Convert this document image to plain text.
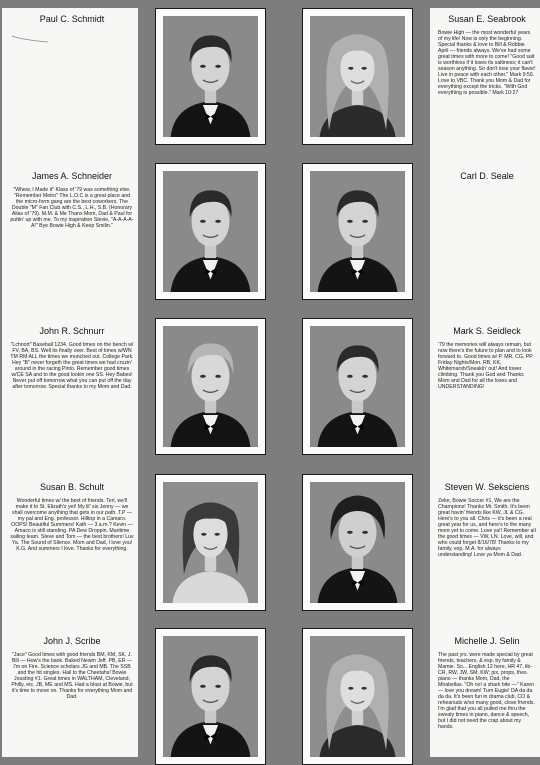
Paul C. Schmidt
James A. Schneider
"Whew, I Made it" Klass of '79 was something else. "Remember Metro" The L.O.C is a great place and the micro-form gang are the best coworkers. The Double "M" Fan Club with C.S., L.H., S.B. (Honorary Alias of '79). M.M. & Me Thanx Mom, Dad & Paul for puttin' up with me. To my inspiration Stevie, "A-A-A-A-A!" Bye Bowie High & Keep Smilin."
John R. Schnurr
"Lchnort" Baseball 1234. Good times on the bench w/ FV, BA, BS. Well its finally over. Best of times w/WN TM RM ALL the times we munched out. College Park. Hey "B" never forgeth the great times we had cruzin' around in the racing Pinto. Remember good times w/CE SA and to the good lookin one SS. Hey Babes! Never put off tomorrow what you can put off the day after tomorrow. Special thanks to my Mom and Dad.
Susan B. Schult
Wonderful times w/ the best of friends. Teri, we'll make it to St. Elizath's yet! My lil' sis Jenny — we shall overcome anything that gets in our path. T.P — my pal and Eng. professor. Hilltop in a Camaro. OOPS! Beautiful Summers! Kath — 3 a.m.? Kevin — Amaco is still standing. PA Dew Droppin. Maritime sailing team. Steve and Tom — the best brothers! Luv Ya. The Sound of Silence. Mom and Dad, I love you! K.G. And summers I love. Thanks for everything.
John J. Scribe
"Jace" Good times with good friends BM, KM, SK, J. Bill — How's the bank. Baked Newm Jeff. PB, ER — I'm on Fire. Science scholars JG and MB. The SSB and the hit singles. Hail to the Cheetahs! Bowie Jousting #1. Great times in WALTHAM, Cleveland, Philly, etc. JB, ME and MS. Had a blast at Bowie, but it's time to move on. Thanks for everything Mom and Dad.
Susan E. Seabrook
Bowie High — the most wonderful years of my life! Now is only the beginning. Special thanks & love to Bill & Robbie. April — friends always. We've had some great times with more to come! "Good salt is worthless if it loses its saltiness; it can't season anything. So don't lose your flavor! Live in peace with each other." Mark 9:50. Love to VBC. Thank you Mom & Dad for everything except the tricks. "With God everything is possible." Mark 10:27
Carl D. Seale
Mark S. Seidleck
'79 the memories will always remain, but now there's the future to plan and to look forward to. Good times w/ P. MR, CG, PP. Friday Nights/Mon. RB, KK, Whitemarsh/Sneakin' out! And tower climbing. Thank you God and Thanks Mom and Dad for all the loses and UNDERSTANDING!
Steven W. Seksciens
Zeke, Bowie Soccer #1, We are the Champions! Thanks Mr. Smith. It's been great havin' friends like KW, JL & CG. Here's to you all. Chris — it's been a real great year for us, and here's to the many more yet to come. Love ya!! Remember all the good times — VW, LN. Love, will, and who could forget 8/16/78! Thanks to my family, esp. M.A. for always understanding! Love ya Mom & Dad.
Michelle J. Selin
The past yrs. were made special by great friends, teachers, & esp. by family & Mamie. So... English 12 here, HR 47, lib-CR, RW, JW, SM, KW; pix, props, thes. piano — thanks Mom, Dad, the Mirabellas. "Oh no! a shark bite —" Karen — love you dream! Turn Eugie! DA da da da da. It's been fun in drama club, CO & rehearsals w/so many good, close friends. I'm glad that you all pulled me thru the sweaty times in piano, dance & speech, but I did not need the crap about my hands.
